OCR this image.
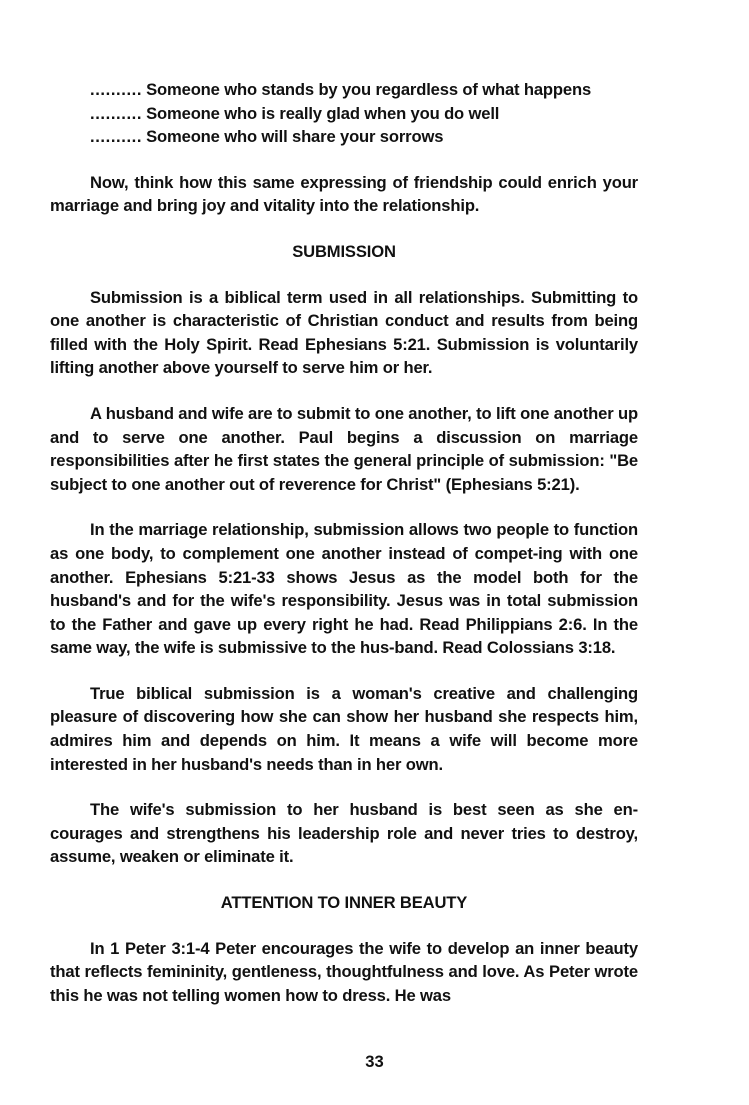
.......... Someone who stands by you regardless of what happens
.......... Someone who is really glad when you do well
.......... Someone who will share your sorrows

Now, think how this same expressing of friendship could enrich your marriage and bring joy and vitality into the relationship.

SUBMISSION

Submission is a biblical term used in all relationships. Submitting to one another is characteristic of Christian conduct and results from being filled with the Holy Spirit. Read Ephesians 5:21. Submission is voluntarily lifting another above yourself to serve him or her.

A husband and wife are to submit to one another, to lift one another up and to serve one another. Paul begins a discussion on marriage responsibilities after he first states the general principle of submission: "Be subject to one another out of reverence for Christ" (Ephesians 5:21).

In the marriage relationship, submission allows two people to function as one body, to complement one another instead of compet-ing with one another. Ephesians 5:21-33 shows Jesus as the model both for the husband's and for the wife's responsibility. Jesus was in total submission to the Father and gave up every right he had. Read Philippians 2:6. In the same way, the wife is submissive to the hus-band. Read Colossians 3:18.

True biblical submission is a woman's creative and challenging pleasure of discovering how she can show her husband she respects him, admires him and depends on him. It means a wife will become more interested in her husband's needs than in her own.

The wife's submission to her husband is best seen as she en-courages and strengthens his leadership role and never tries to destroy, assume, weaken or eliminate it.

ATTENTION TO INNER BEAUTY

In 1 Peter 3:1-4 Peter encourages the wife to develop an inner beauty that reflects femininity, gentleness, thoughtfulness and love. As Peter wrote this he was not telling women how to dress. He was

33
